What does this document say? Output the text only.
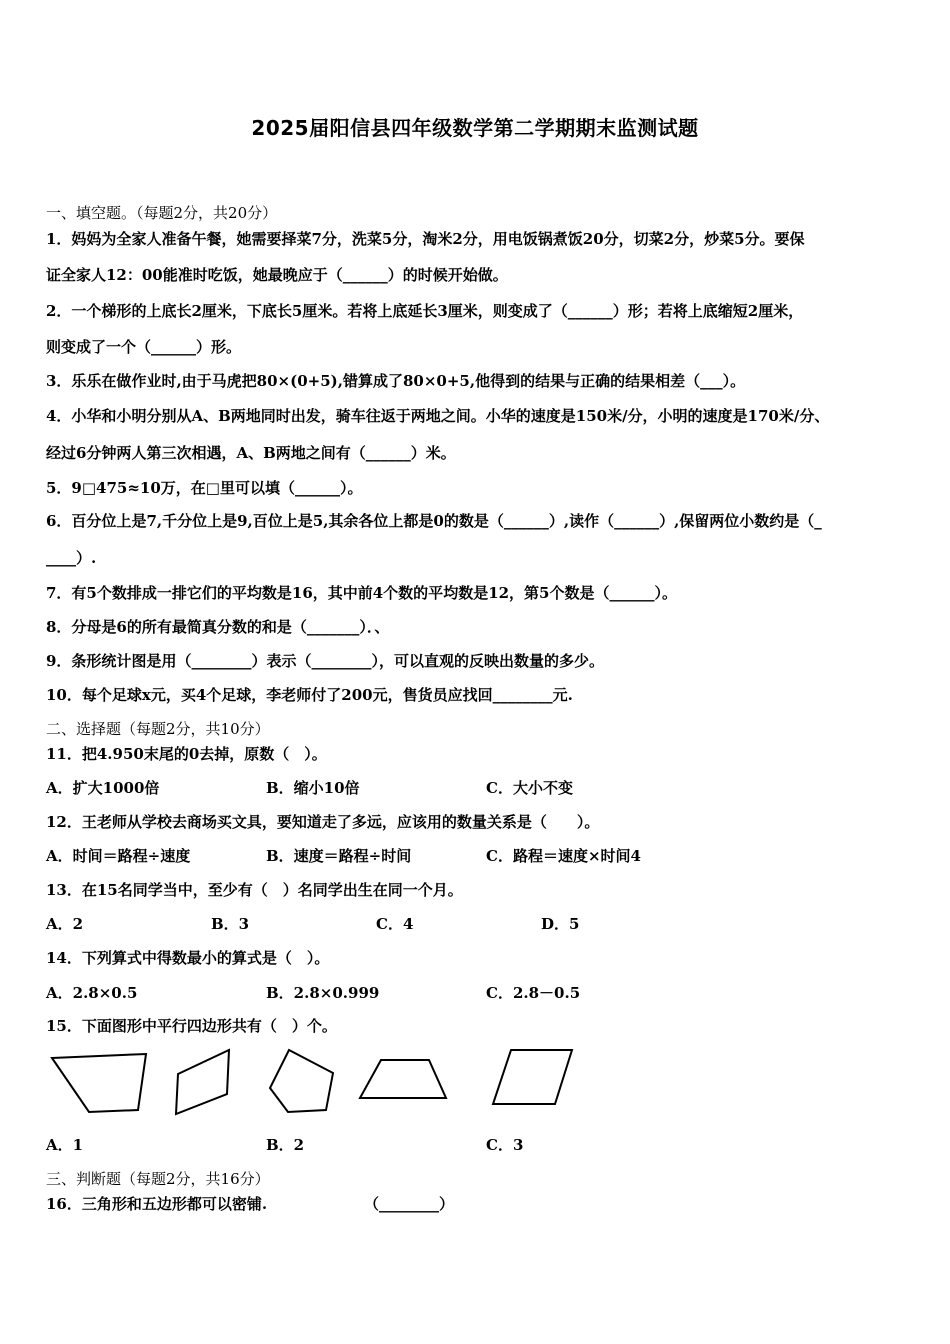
2025届阳信县四年级数学第二学期期末监测试题
一、填空题。（每题2分，共20分）
1．妈妈为全家人准备午餐，她需要择菜7分，洗菜5分，淘米2分，用电饭锅煮饭20分，切菜2分，炒菜5分。要保
证全家人12：00能准时吃饭，她最晚应于（______）的时候开始做。
2．一个梯形的上底长2厘米，下底长5厘米。若将上底延长3厘米，则变成了（______）形；若将上底缩短2厘米，
则变成了一个（______）形。
3．乐乐在做作业时,由于马虎把80×(0+5),错算成了80×0+5,他得到的结果与正确的结果相差（___）。
4．小华和小明分别从A、B两地同时出发，骑车往返于两地之间。小华的速度是150米/分，小明的速度是170米/分、
经过6分钟两人第三次相遇，A、B两地之间有（______）米。
5．9□475≈10万，在□里可以填（______）。
6．百分位上是7,千分位上是9,百位上是5,其余各位上都是0的数是（______）,读作（______）,保留两位小数约是（_
____）.
7．有5个数排成一排它们的平均数是16，其中前4个数的平均数是12，第5个数是（______）。
8．分母是6的所有最简真分数的和是（_______）．、
9．条形统计图是用（________）表示（________），可以直观的反映出数量的多少。
10．每个足球x元，买4个足球，李老师付了200元，售货员应找回________元.
二、选择题（每题2分，共10分）
11．把4.950末尾的0去掉，原数（　）。
A．扩大1000倍	B．缩小10倍	C．大小不变
12．王老师从学校去商场买文具，要知道走了多远，应该用的数量关系是（　　）。
A．时间＝路程÷速度	B．速度＝路程÷时间	C．路程＝速度×时间4
13．在15名同学当中，至少有（　）名同学出生在同一个月。
A．2	B．3	C．4	D．5
14．下列算式中得数最小的算式是（　）。
A．2.8×0.5	B．2.8×0.999	C．2.8－0.5
15．下面图形中平行四边形共有（　）个。
A．1	B．2	C．3
三、判断题（每题2分，共16分）
16．三角形和五边形都可以密铺.	（________）
